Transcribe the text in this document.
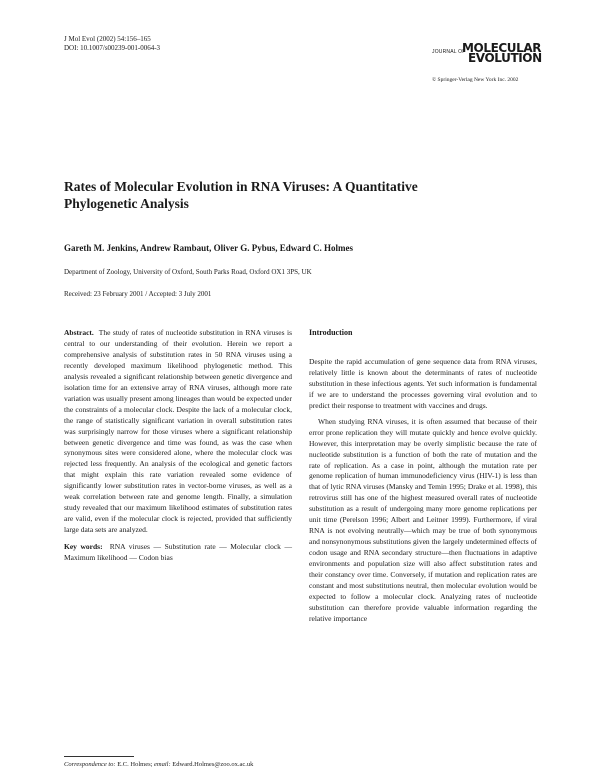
J Mol Evol (2002) 54:156–165
DOI: 10.1007/s00239-001-0064-3	JOURNAL OF
MOLECULAR
EVOLUTION
© Springer-Verlag New York Inc. 2002
Rates of Molecular Evolution in RNA Viruses: A Quantitative Phylogenetic Analysis
Gareth M. Jenkins, Andrew Rambaut, Oliver G. Pybus, Edward C. Holmes
Department of Zoology, University of Oxford, South Parks Road, Oxford OX1 3PS, UK
Received: 23 February 2001 / Accepted: 3 July 2001

Abstract. The study of rates of nucleotide substitution in RNA viruses is central to our understanding of their evolution. Herein we report a comprehensive analysis of substitution rates in 50 RNA viruses using a recently developed maximum likelihood phylogenetic method. This analysis revealed a significant relationship between genetic divergence and isolation time for an extensive array of RNA viruses, although more rate variation was usually present among lineages than would be expected under the constraints of a molecular clock. Despite the lack of a molecular clock, the range of statistically significant variation in overall substitution rates was surprisingly narrow for those viruses where a significant relationship between genetic divergence and time was found, as was the case when synonymous sites were considered alone, where the molecular clock was rejected less frequently. An analysis of the ecological and genetic factors that might explain this rate variation revealed some evidence of significantly lower substitution rates in vector-borne viruses, as well as a weak correlation between rate and genome length. Finally, a simulation study revealed that our maximum likelihood estimates of substitution rates are valid, even if the molecular clock is rejected, provided that sufficiently large data sets are analyzed.

Key words: RNA viruses — Substitution rate — Molecular clock — Maximum likelihood — Codon bias

Correspondence to: E.C. Holmes; email: Edward.Holmes@zoo.ox.ac.uk
Introduction

Despite the rapid accumulation of gene sequence data from RNA viruses, relatively little is known about the determinants of rates of nucleotide substitution in these infectious agents. Yet such information is fundamental if we are to understand the processes governing viral evolution and to predict their response to treatment with vaccines and drugs.

When studying RNA viruses, it is often assumed that because of their error prone replication they will mutate quickly and hence evolve quickly. However, this interpretation may be overly simplistic because the rate of nucleotide substitution is a function of both the rate of mutation and the rate of replication. As a case in point, although the mutation rate per genome replication of human immunodeficiency virus (HIV-1) is less than that of lytic RNA viruses (Mansky and Temin 1995; Drake et al. 1998), this retrovirus still has one of the highest measured overall rates of nucleotide substitution as a result of undergoing many more genome replications per unit time (Perelson 1996; Albert and Leitner 1999). Furthermore, if viral RNA is not evolving neutrally—which may be true of both synonymous and nonsynonymous substitutions given the largely undetermined effects of codon usage and RNA secondary structure—then fluctuations in adaptive environments and population size will also affect substitution rates and their constancy over time. Conversely, if mutation and replication rates are constant and most substitutions neutral, then molecular evolution would be expected to follow a molecular clock. Analyzing rates of nucleotide substitution can therefore provide valuable information regarding the relative importance
